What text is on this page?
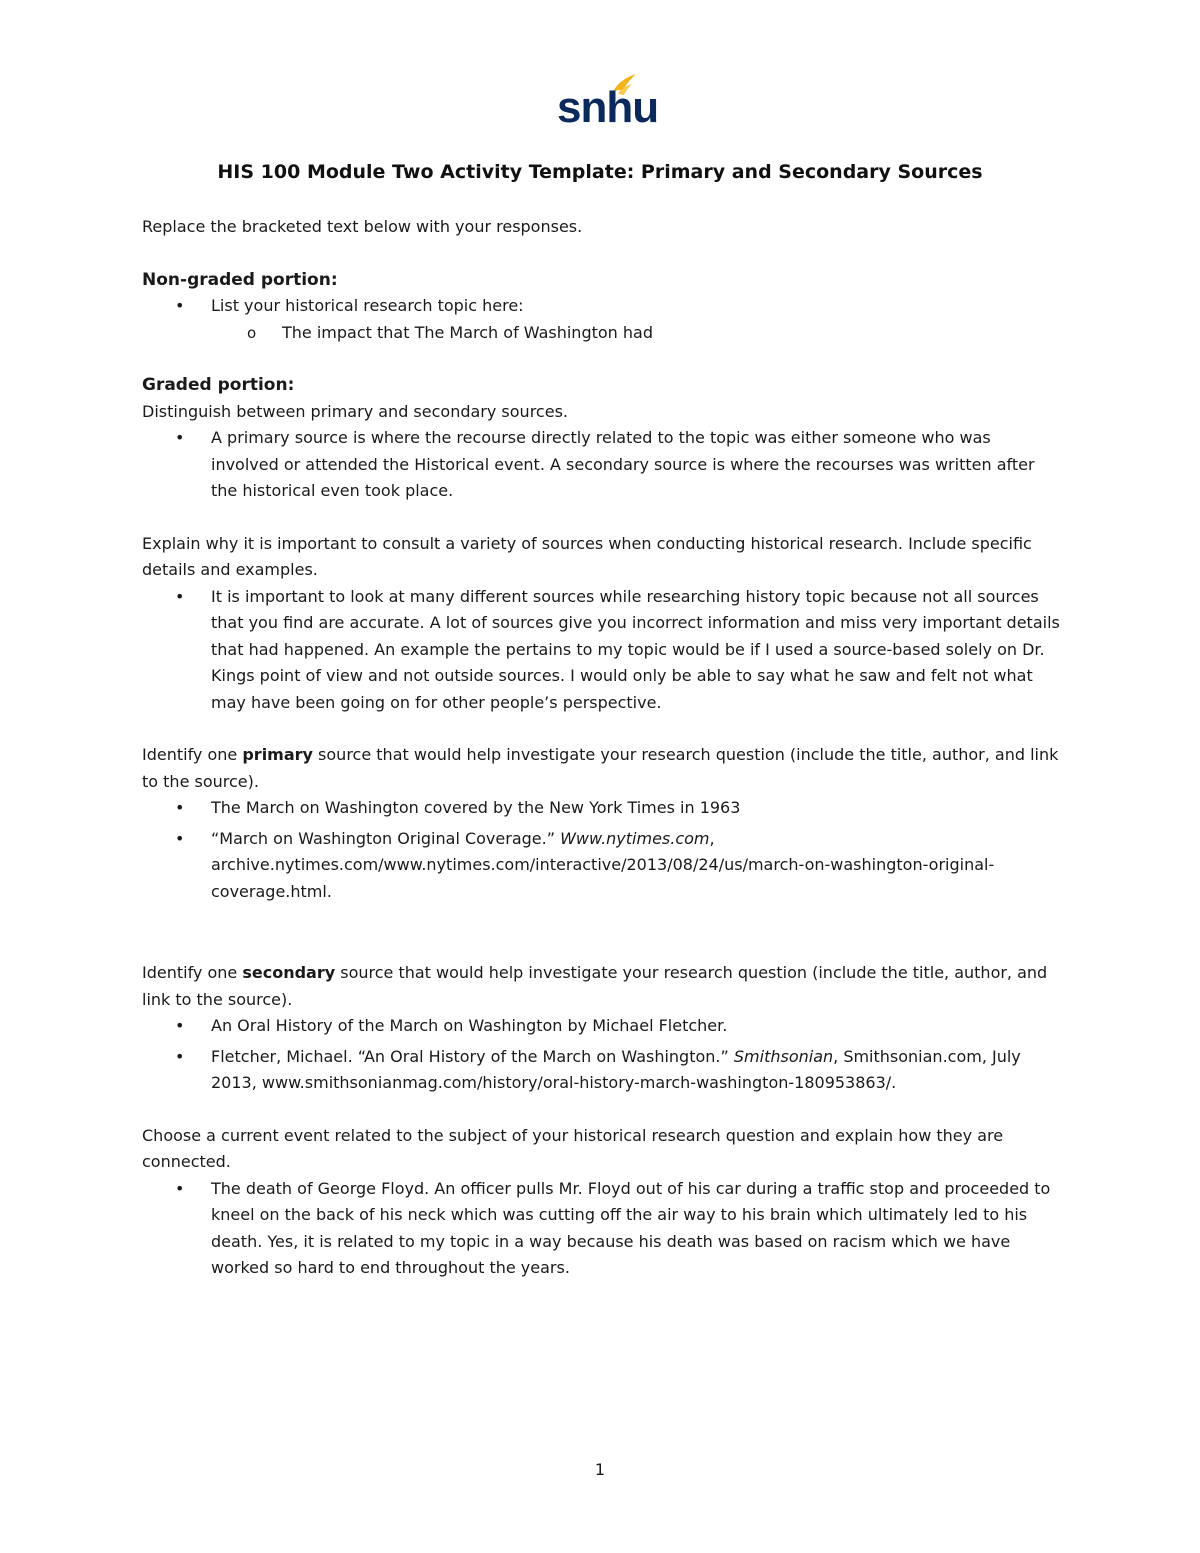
snhu
HIS 100 Module Two Activity Template: Primary and Secondary Sources

Replace the bracketed text below with your responses.

Non-graded portion:

• List your historical research topic here:
o The impact that The March of Washington had

Graded portion:

Distinguish between primary and secondary sources.

• A primary source is where the recourse directly related to the topic was either someone who was involved or attended the Historical event. A secondary source is where the recourses was written after the historical even took place.

Explain why it is important to consult a variety of sources when conducting historical research. Include specific details and examples.

• It is important to look at many different sources while researching history topic because not all sources that you find are accurate. A lot of sources give you incorrect information and miss very important details that had happened. An example the pertains to my topic would be if I used a source-based solely on Dr. Kings point of view and not outside sources. I would only be able to say what he saw and felt not what may have been going on for other people’s perspective.

Identify one primary source that would help investigate your research question (include the title, author, and link to the source).

• The March on Washington covered by the New York Times in 1963
• “March on Washington Original Coverage.” Www.nytimes.com, archive.nytimes.com/www.nytimes.com/interactive/2013/08/24/us/march-on-washington-original-coverage.html.

Identify one secondary source that would help investigate your research question (include the title, author, and link to the source).

• An Oral History of the March on Washington by Michael Fletcher.
• Fletcher, Michael. “An Oral History of the March on Washington.” Smithsonian, Smithsonian.com, July 2013, www.smithsonianmag.com/history/oral-history-march-washington-180953863/.

Choose a current event related to the subject of your historical research question and explain how they are connected.

• The death of George Floyd. An officer pulls Mr. Floyd out of his car during a traffic stop and proceeded to kneel on the back of his neck which was cutting off the air way to his brain which ultimately led to his death. Yes, it is related to my topic in a way because his death was based on racism which we have worked so hard to end throughout the years.
1
